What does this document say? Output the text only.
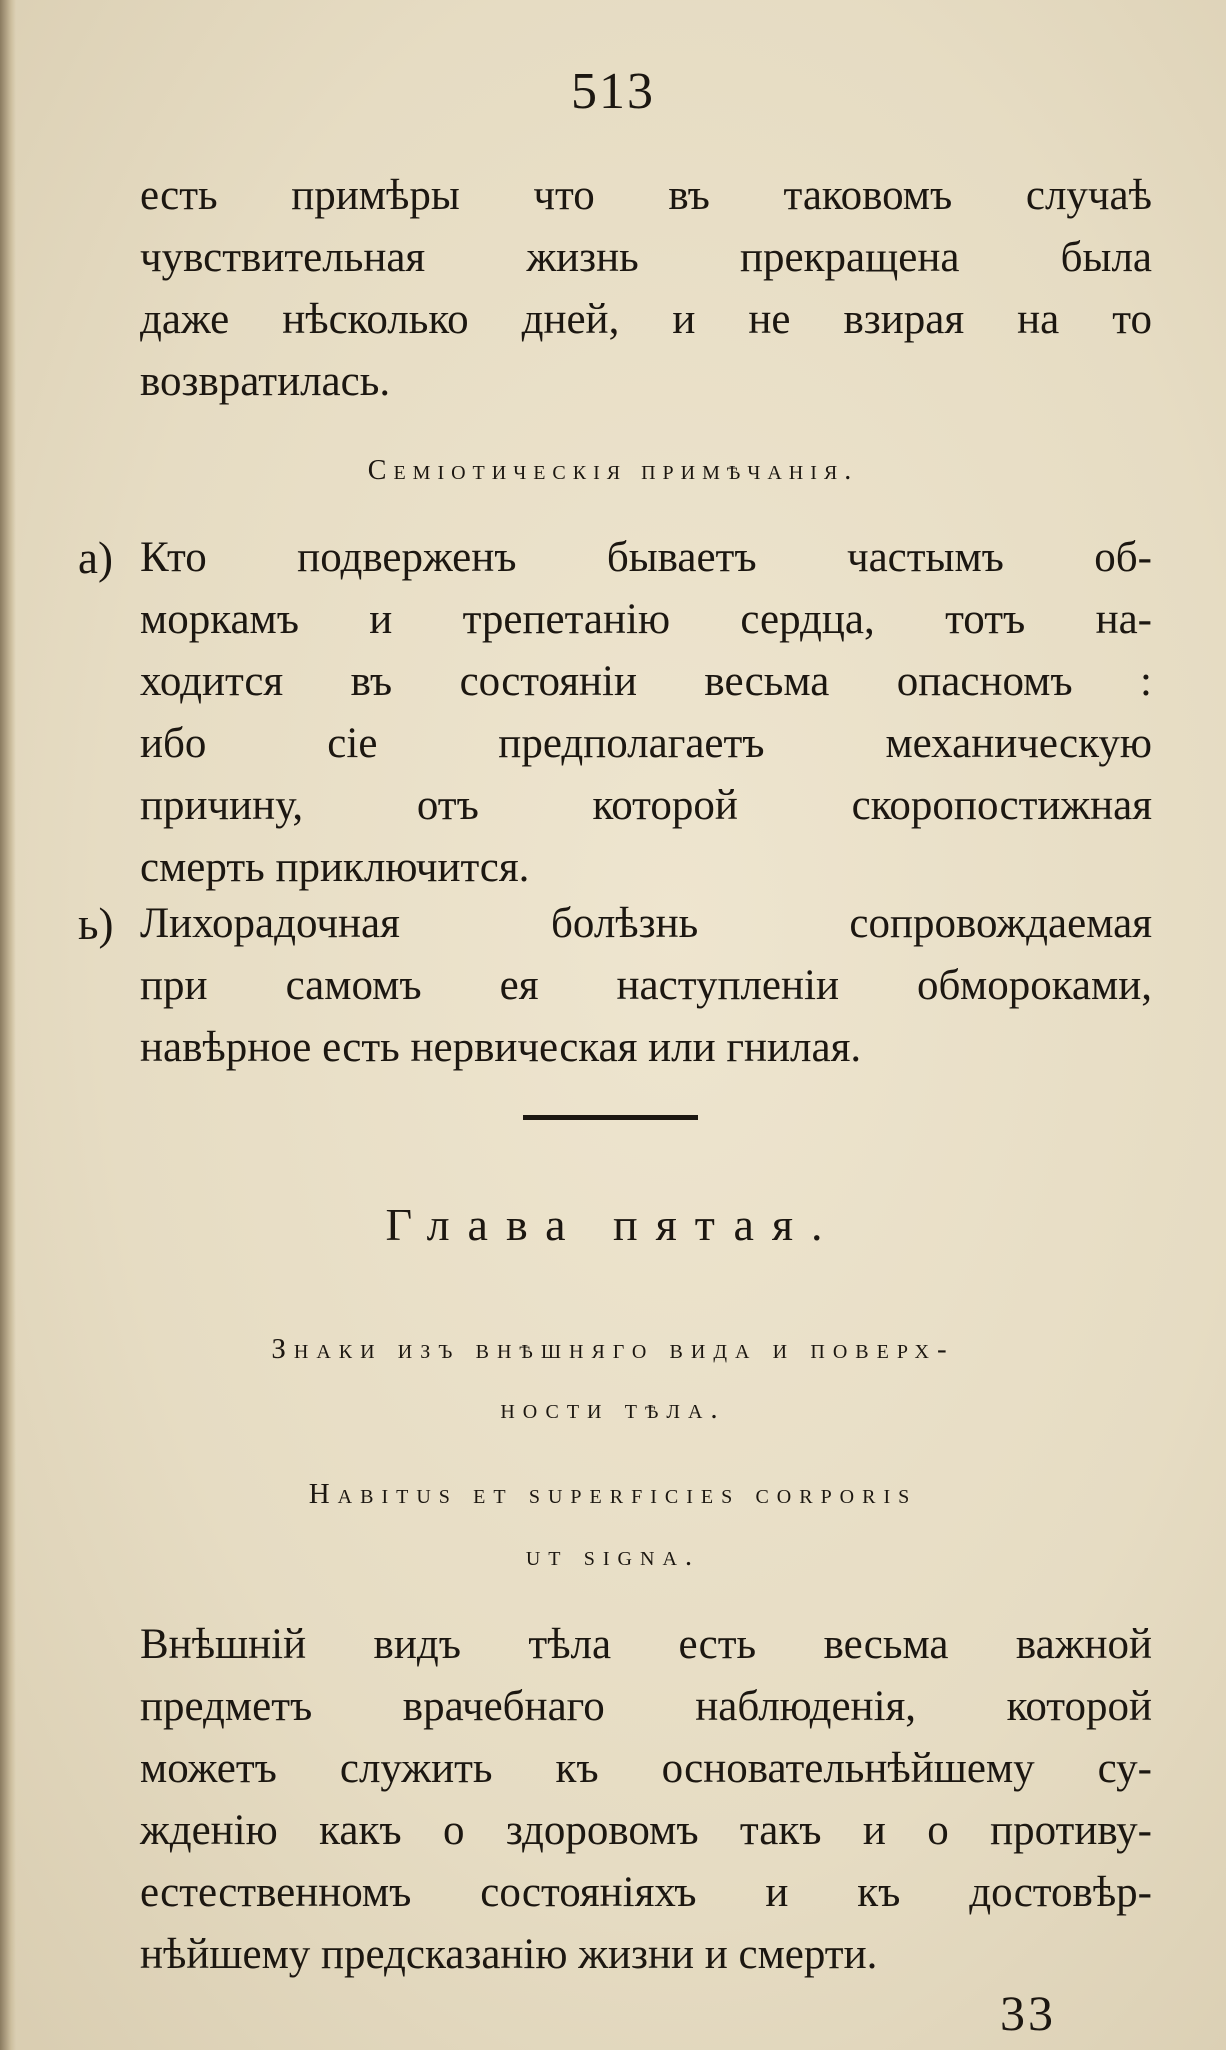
513
есть примѣры что въ таковомъ случаѣ
чувствительная жизнь прекращена была
даже нѣсколько дней, и не взирая на то
возвратилась.
Семіотическія примѣчанія.
a) Кто подверженъ бываетъ частымъ об-
моркамъ и трепетанію сердца, тотъ на-
ходится въ состояніи весьма опасномъ :
ибо сіе предполагаетъ механическую
причину, отъ которой скоропостижная
смерть приключится.
ь) Лихорадочная болѣзнь сопровождаемая
при самомъ ея наступленіи обмороками,
навѣрное есть нервическая или гнилая.
Глава пятая.
Знаки изъ внѣшняго вида и поверх-
ности тѣла.
Habitus et superficies corporis
ut signa.
Внѣшній видъ тѣла есть весьма важной
предметъ врачебнаго наблюденія, которой
можетъ служить къ основательнѣйшему су-
жденію какъ о здоровомъ такъ и о противу-
естественномъ состояніяхъ и къ достовѣр-
нѣйшему предсказанію жизни и смерти.
33
